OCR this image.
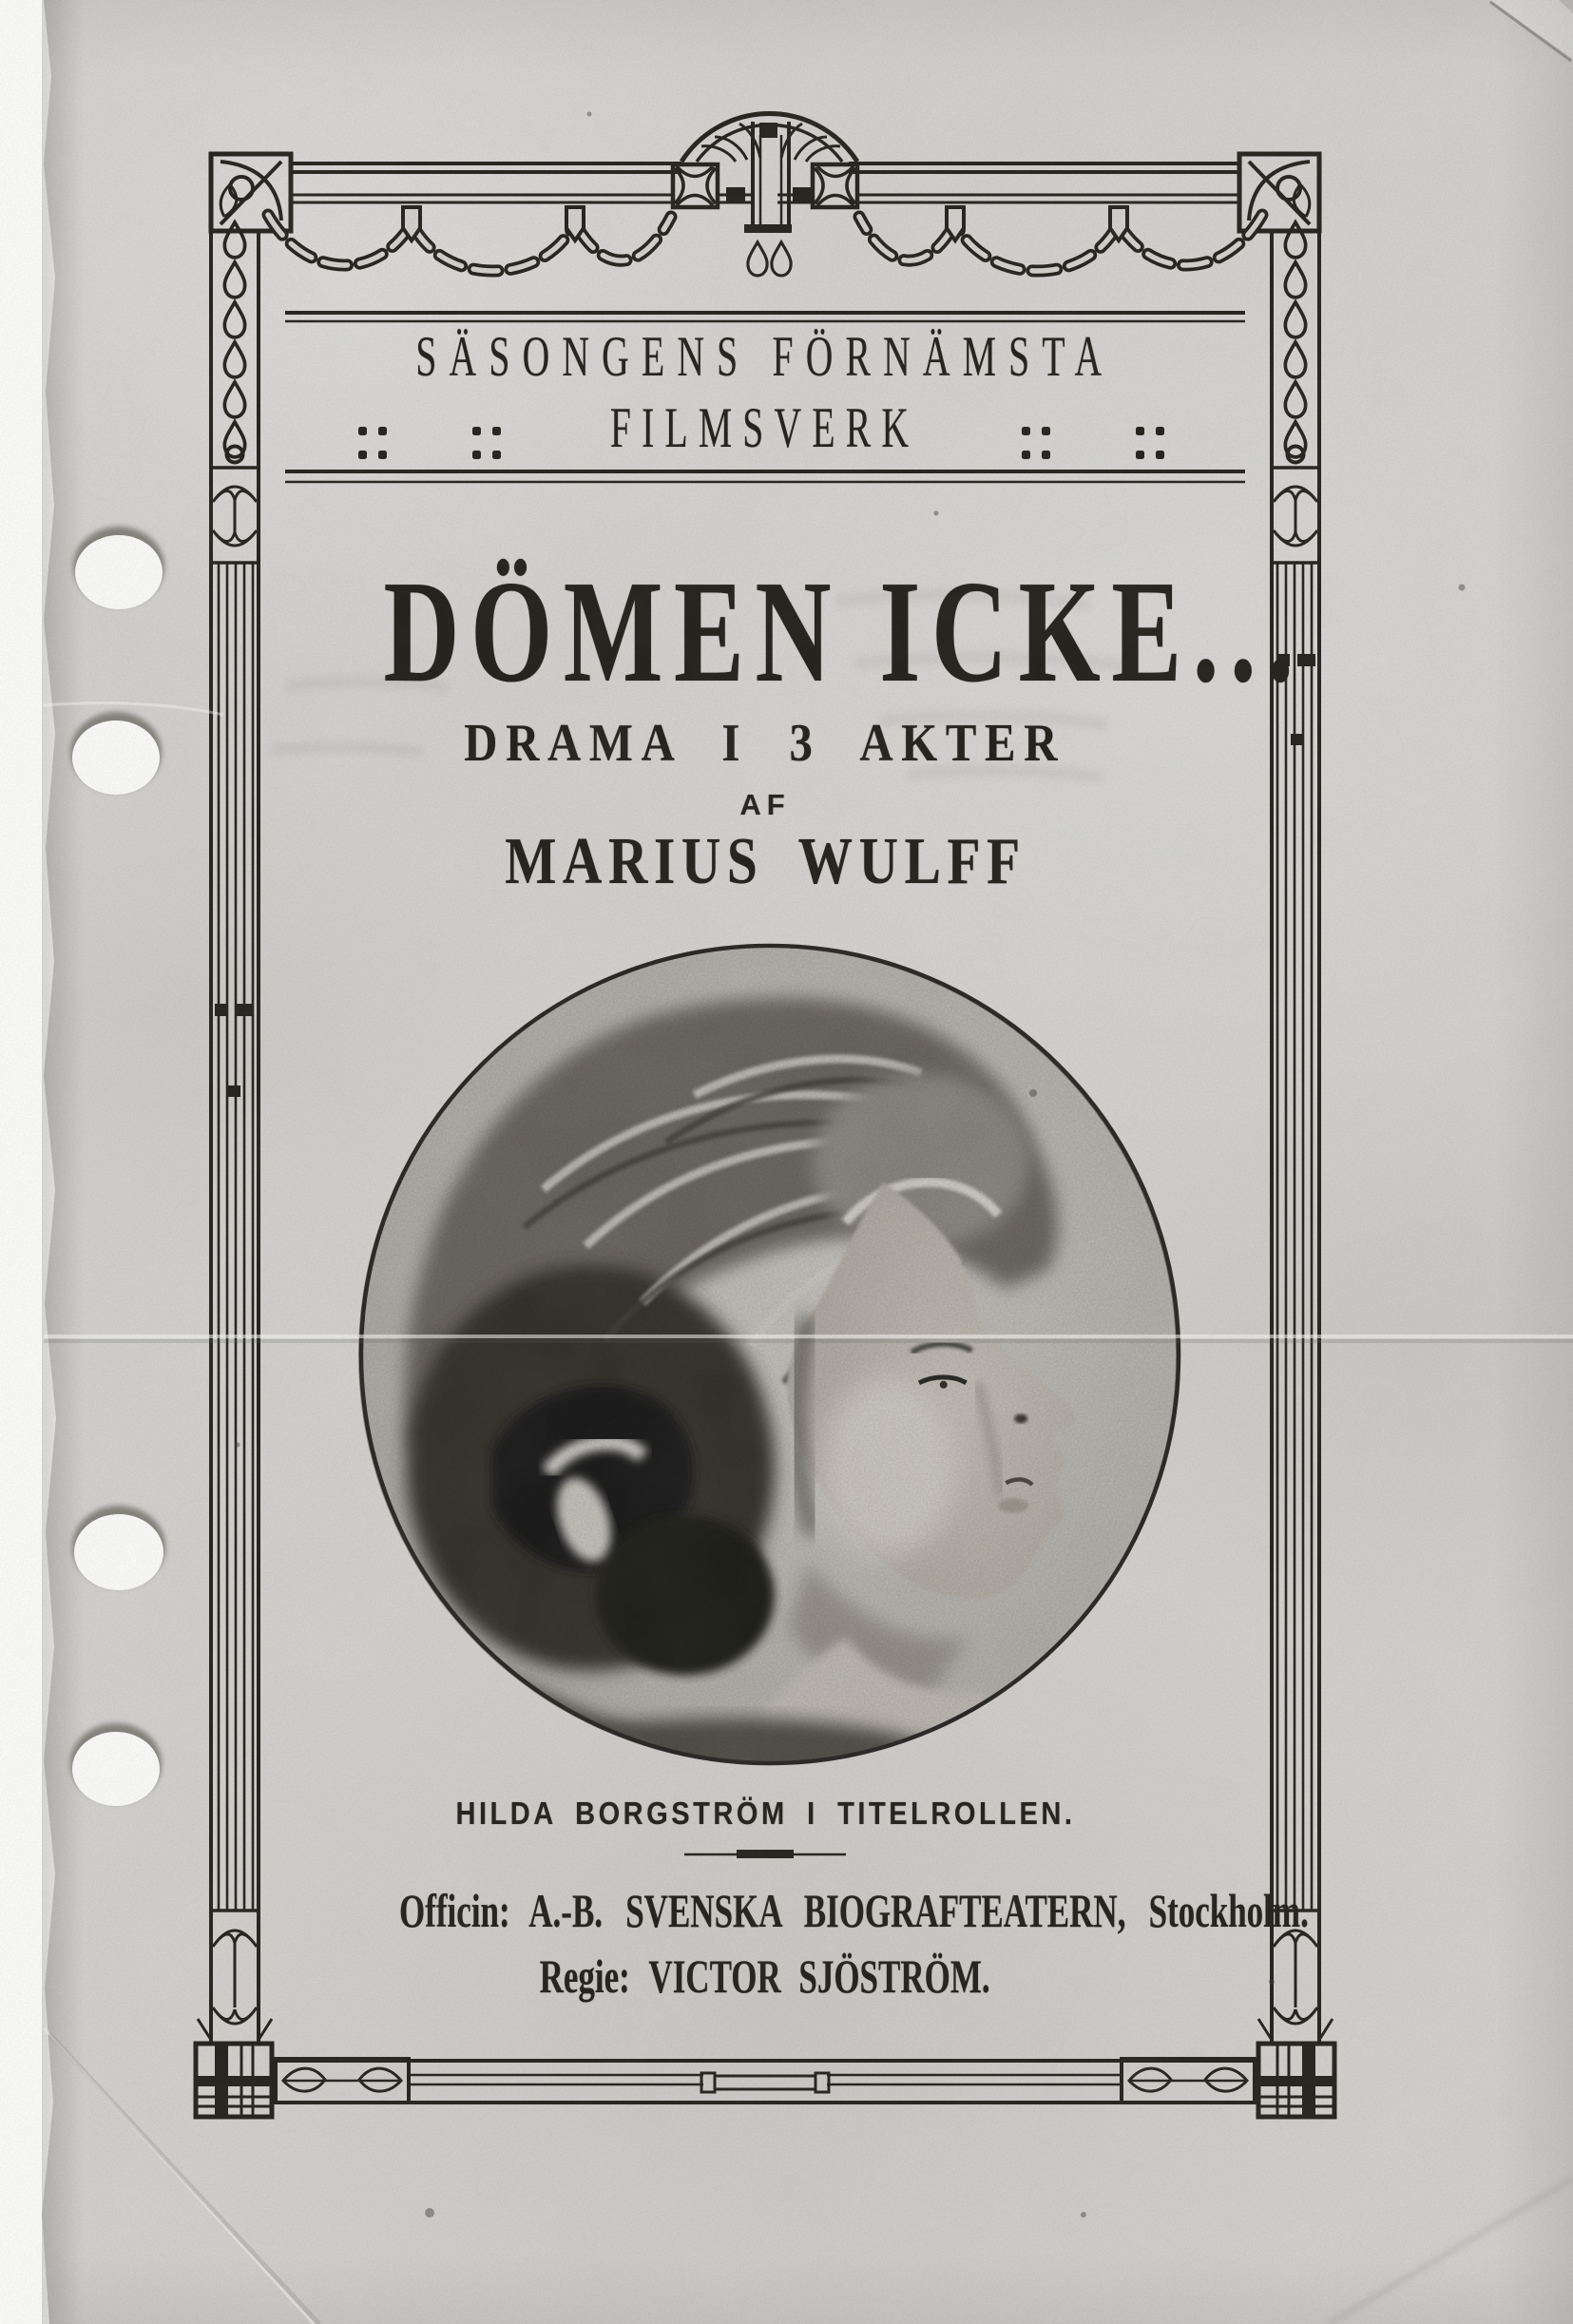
SÄSONGENS FÖRNÄMSTA
FILMSVERK
DÖMEN ICKE...
DRAMA I 3 AKTER
AF
MARIUS WULFF
HILDA BORGSTRÖM I TITELROLLEN.
Officin: A.-B. SVENSKA BIOGRAFTEATERN, Stockholm.
Regie: VICTOR SJÖSTRÖM.
